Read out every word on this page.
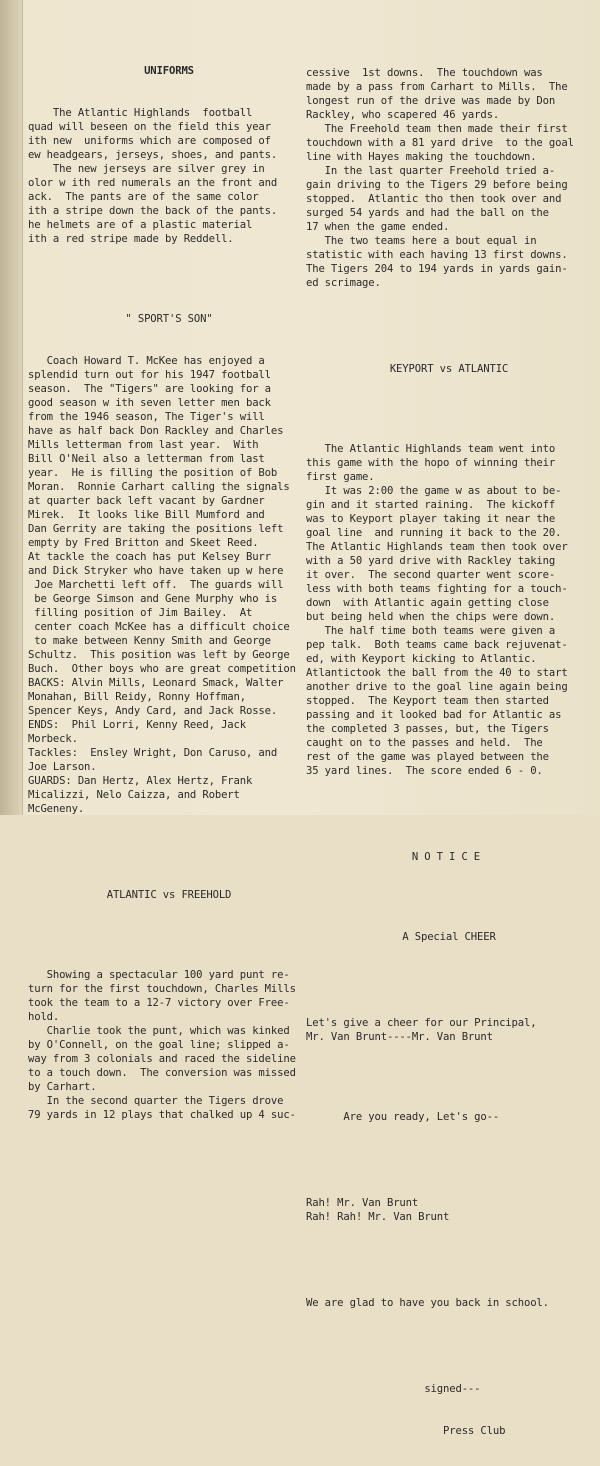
UNIFORMS

The Atlantic Highlands  football
quad will beseen on the field this year
ith new  uniforms which are composed of
ew headgears, jerseys, shoes, and pants.
The new jerseys are silver grey in
olor w ith red numerals an the front and
ack.  The pants are of the same color
ith a stripe down the back of the pants.
he helmets are of a plastic material
ith a red stripe made by Reddell.

" SPORT'S SON"

Coach Howard T. McKee has enjoyed a
splendid turn out for his 1947 football
season.  The "Tigers" are looking for a
good season w ith seven letter men back
from the 1946 season, The Tiger's will
have as half back Don Rackley and Charles
Mills letterman from last year.  With
Bill O'Neil also a letterman from last
year.  He is filling the position of Bob
Moran.  Ronnie Carhart calling the signals
at quarter back left vacant by Gardner
Mirek.  It looks like Bill Mumford and
Dan Gerrity are taking the positions left
empty by Fred Britton and Skeet Reed.
At tackle the coach has put Kelsey Burr
and Dick Stryker who have taken up w here
Joe Marchetti left off.  The guards will
be George Simson and Gene Murphy who is
filling position of Jim Bailey.  At
center coach McKee has a difficult choice
to make between Kenny Smith and George
Schultz.  This position was left by George
Buch.  Other boys who are great competition
BACKS: Alvin Mills, Leonard Smack, Walter
Monahan, Bill Reidy, Ronny Hoffman,
Spencer Keys, Andy Card, and Jack Rosse.
ENDS:  Phil Lorri, Kenny Reed, Jack
Morbeck.
Tackles:  Ensley Wright, Don Caruso, and
Joe Larson.
GUARDS: Dan Hertz, Alex Hertz, Frank
Micalizzi, Nelo Caizza, and Robert
McGeneny.

ATLANTIC vs FREEHOLD

Showing a spectacular 100 yard punt re-
turn for the first touchdown, Charles Mills
took the team to a 12-7 victory over Free-
hold.
Charlie took the punt, which was kinked
by O'Connell, on the goal line; slipped a-
way from 3 colonials and raced the sideline
to a touch down.  The conversion was missed
by Carhart.
In the second quarter the Tigers drove
79 yards in 12 plays that chalked up 4 suc-

cessive  1st downs.  The touchdown was
made by a pass from Carhart to Mills.  The
longest run of the drive was made by Don
Rackley, who scapered 46 yards.
The Freehold team then made their first
touchdown with a 81 yard drive  to the goal
line with Hayes making the touchdown.
In the last quarter Freehold tried a-
gain driving to the Tigers 29 before being
stopped.  Atlantic tho then took over and
surged 54 yards and had the ball on the
17 when the game ended.
The two teams here a bout equal in
statistic with each having 13 first downs.
The Tigers 204 to 194 yards in yards gain-
ed scrimage.

KEYPORT vs ATLANTIC

The Atlantic Highlands team went into
this game with the hopo of winning their
first game.
It was 2:00 the game w as about to be-
gin and it started raining.  The kickoff
was to Keyport player taking it near the
goal line  and running it back to the 20.
The Atlantic Highlands team then took over
with a 50 yard drive with Rackley taking
it over.  The second quarter went score-
less with both teams fighting for a touch-
down  with Atlantic again getting close
but being held when the chips were down.
The half time both teams were given a
pep talk.  Both teams came back rejuvenat-
ed, with Keyport kicking to Atlantic.
Atlantictook the ball from the 40 to start
another drive to the goal line again being
stopped.  The Keyport team then started
passing and it looked bad for Atlantic as
the completed 3 passes, but, the Tigers
caught on to the passes and held.  The
rest of the game was played between the
35 yard lines.  The score ended 6 - 0.

NOTICE

A Special CHEER

Let's give a cheer for our Principal,
Mr. Van Brunt----Mr. Van Brunt

Are you ready, Let's go--

Rah! Mr. Van Brunt
Rah! Rah! Mr. Van Brunt

We are glad to have you back in school.

signed---

Press Club
